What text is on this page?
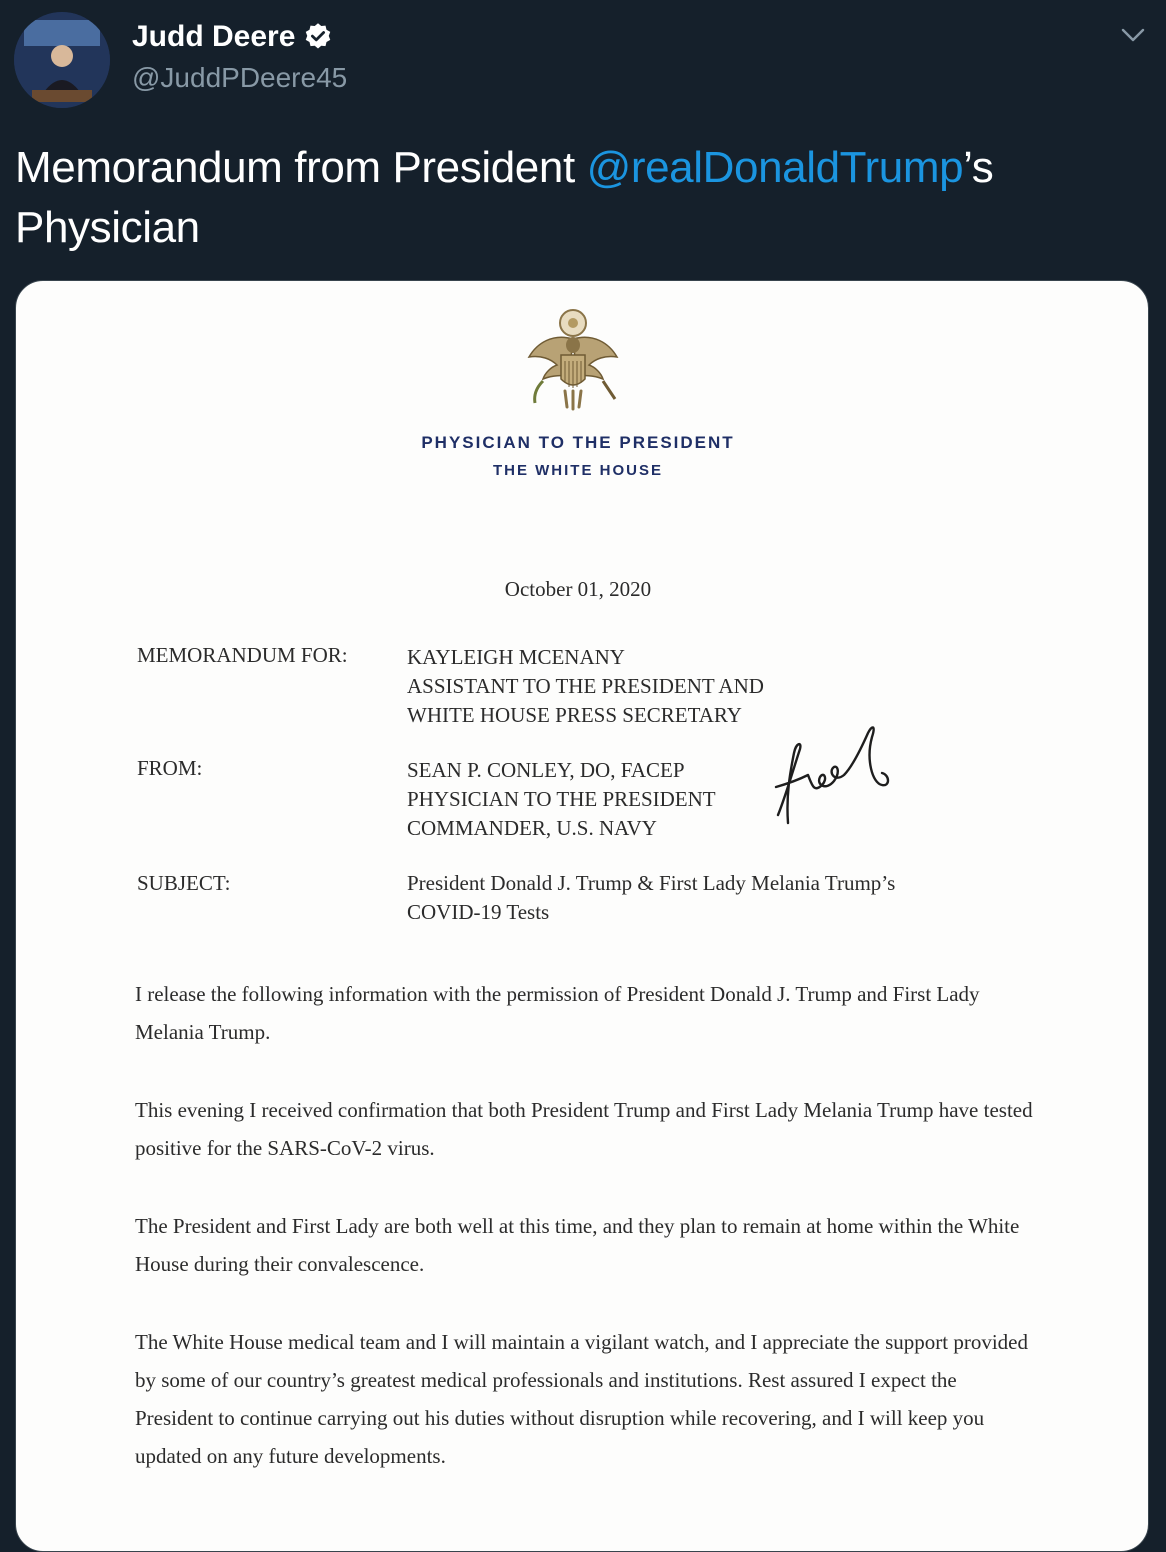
Judd Deere
@JuddPDeere45
Memorandum from President @realDonaldTrump’s Physician
PHYSICIAN TO THE PRESIDENT
THE WHITE HOUSE
October 01, 2020
MEMORANDUM FOR:	KAYLEIGH MCENANY
ASSISTANT TO THE PRESIDENT AND
WHITE HOUSE PRESS SECRETARY
FROM:	SEAN P. CONLEY, DO, FACEP
PHYSICIAN TO THE PRESIDENT
COMMANDER, U.S. NAVY
SUBJECT:	President Donald J. Trump & First Lady Melania Trump’s
COVID-19 Tests
I release the following information with the permission of President Donald J. Trump and First Lady Melania Trump.
This evening I received confirmation that both President Trump and First Lady Melania Trump have tested positive for the SARS-CoV-2 virus.
The President and First Lady are both well at this time, and they plan to remain at home within the White House during their convalescence.
The White House medical team and I will maintain a vigilant watch, and I appreciate the support provided by some of our country’s greatest medical professionals and institutions. Rest assured I expect the President to continue carrying out his duties without disruption while recovering, and I will keep you updated on any future developments.
